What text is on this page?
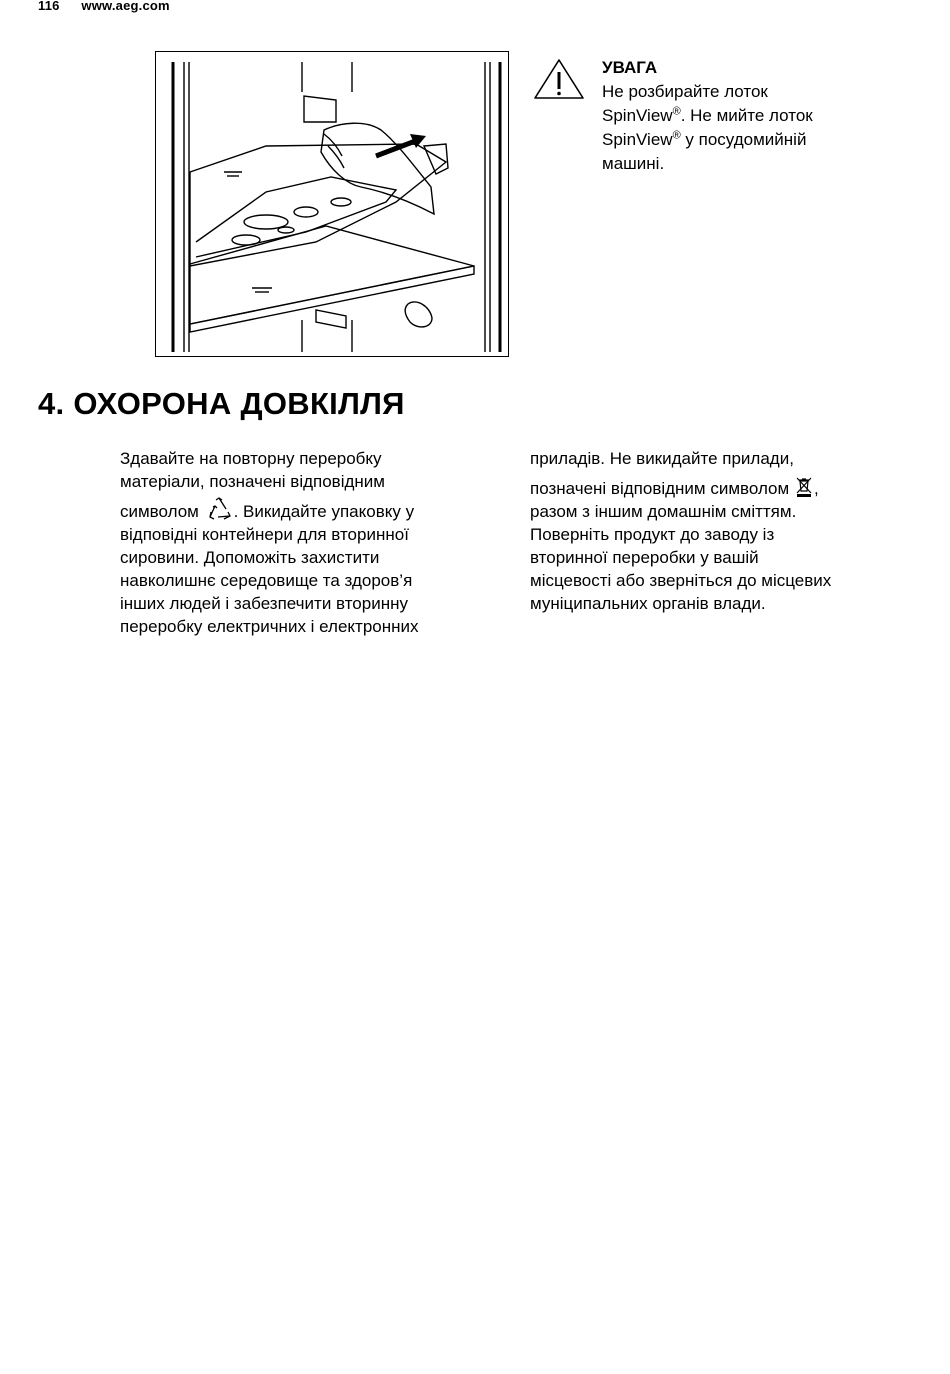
116 www.aeg.com
УВАГА
Не розбирайте лоток
SpinView®. Не мийте лоток
SpinView® у посудомийній
машині.
4. ОХОРОНА ДОВКІЛЛЯ

Здавайте на повторну переробку

матеріали, позначені відповідним

символом . Викидайте упаковку у

відповідні контейнери для вторинної

сировини. Допоможіть захистити

навколишнє середовище та здоров’я

інших людей і забезпечити вторинну

переробку електричних і електронних

приладів. Не викидайте прилади,

позначені відповідним символом ,

разом з іншим домашнім сміттям.

Поверніть продукт до заводу із

вторинної переробки у вашій

місцевості або зверніться до місцевих

муніципальних органів влади.
